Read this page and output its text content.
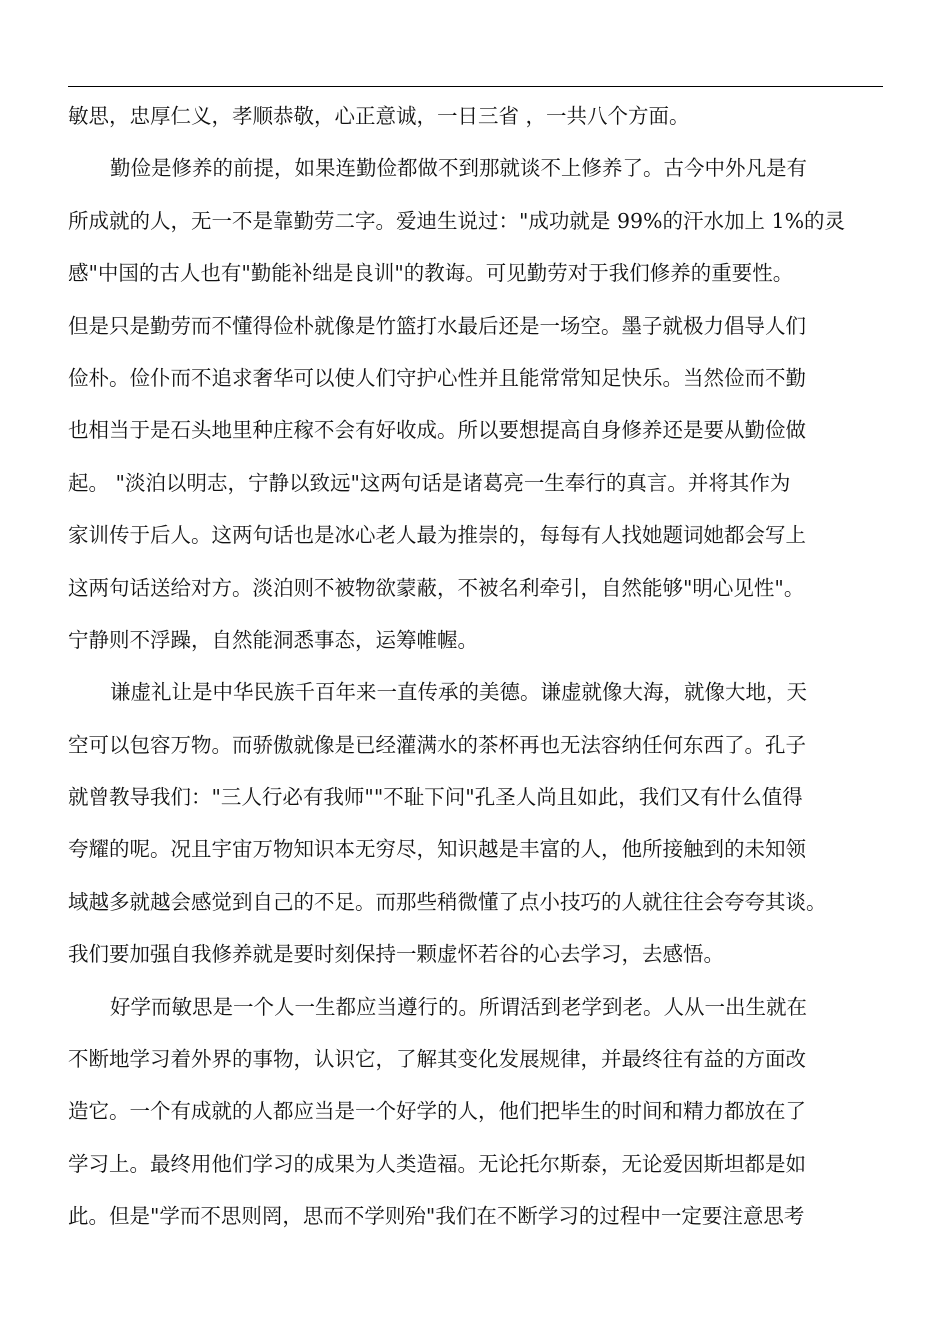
敏思，忠厚仁义，孝顺恭敬，心正意诚，一日三省 ，一共八个方面。
勤俭是修养的前提，如果连勤俭都做不到那就谈不上修养了。古今中外凡是有
所成就的人，无一不是靠勤劳二字。爱迪生说过："成功就是 99%的汗水加上 1%的灵
感"中国的古人也有"勤能补绌是良训"的教诲。可见勤劳对于我们修养的重要性。
但是只是勤劳而不懂得俭朴就像是竹篮打水最后还是一场空。墨子就极力倡导人们
俭朴。俭仆而不追求奢华可以使人们守护心性并且能常常知足快乐。当然俭而不勤
也相当于是石头地里种庄稼不会有好收成。所以要想提高自身修养还是要从勤俭做
起。 "淡泊以明志，宁静以致远"这两句话是诸葛亮一生奉行的真言。并将其作为
家训传于后人。这两句话也是冰心老人最为推崇的，每每有人找她题词她都会写上
这两句话送给对方。淡泊则不被物欲蒙蔽，不被名利牵引，自然能够"明心见性"。
宁静则不浮躁，自然能洞悉事态，运筹帷幄。
谦虚礼让是中华民族千百年来一直传承的美德。谦虚就像大海，就像大地，天
空可以包容万物。而骄傲就像是已经灌满水的茶杯再也无法容纳任何东西了。孔子
就曾教导我们："三人行必有我师""不耻下问"孔圣人尚且如此，我们又有什么值得
夸耀的呢。况且宇宙万物知识本无穷尽，知识越是丰富的人，他所接触到的未知领
域越多就越会感觉到自己的不足。而那些稍微懂了点小技巧的人就往往会夸夸其谈。
我们要加强自我修养就是要时刻保持一颗虚怀若谷的心去学习，去感悟。
好学而敏思是一个人一生都应当遵行的。所谓活到老学到老。人从一出生就在
不断地学习着外界的事物，认识它，了解其变化发展规律，并最终往有益的方面改
造它。一个有成就的人都应当是一个好学的人，他们把毕生的时间和精力都放在了
学习上。最终用他们学习的成果为人类造福。无论托尔斯泰，无论爱因斯坦都是如
此。但是"学而不思则罔，思而不学则殆"我们在不断学习的过程中一定要注意思考
